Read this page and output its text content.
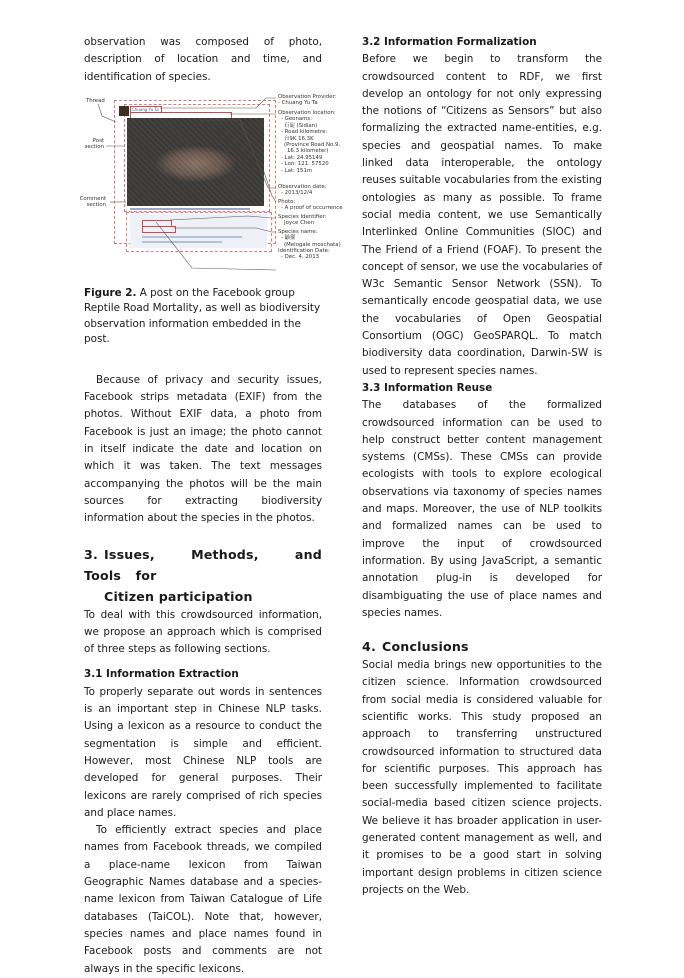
observation was composed of photo, description of location and time, and identification of species.

Chuang Yu Ta
Thread
Post section
Comment section
Observation Provider:
- Chuang Yu Ta
Observation location:
- Geonams:
石碇 (Sidian)
- Road kilometre:
台9K 16.3K
(Province Road No.9,
16.3 kilometer)
- Lat: 24.95149
- Lon: 121. 57520
- Lat: 151m
Observation date:
- 2013/12/4
Photo:
- A proof of occurrence
Species Identifier:
Joyce Chen
Species name:
- 鼬獾
(Melogale moschata)
Identification Date:
- Dec. 4, 2013
Figure 2. A post on the Facebook group Reptile Road Mortality, as well as biodiversity observation information embedded in the post.

Because of privacy and security issues, Facebook strips metadata (EXIF) from the photos. Without EXIF data, a photo from Facebook is just an image; the photo cannot in itself indicate the date and location on which it was taken. The text messages accompanying the photos will be the main sources for extracting biodiversity information about the species in the photos.

3. Issues, Methods, and Tools for
Citizen participation

To deal with this crowdsourced information, we propose an approach which is comprised of three steps as following sections.

3.1 Information Extraction

To properly separate out words in sentences is an important step in Chinese NLP tasks. Using a lexicon as a resource to conduct the segmentation is simple and efficient. However, most Chinese NLP tools are developed for general purposes. Their lexicons are rarely comprised of rich species and place names.

To efficiently extract species and place names from Facebook threads, we compiled a place-name lexicon from Taiwan Geographic Names database and a species-name lexicon from Taiwan Catalogue of Life databases (TaiCOL). Note that, however, species names and place names found in Facebook posts and comments are not always in the specific lexicons.

3.2 Information Formalization

Before we begin to transform the crowdsourced content to RDF, we first develop an ontology for not only expressing the notions of “Citizens as Sensors” but also formalizing the extracted name-entities, e.g. species and geospatial names. To make linked data interoperable, the ontology reuses suitable vocabularies from the existing ontologies as many as possible. To frame social media content, we use Semantically Interlinked Online Communities (SIOC) and The Friend of a Friend (FOAF). To present the concept of sensor, we use the vocabularies of W3c Semantic Sensor Network (SSN). To semantically encode geospatial data, we use the vocabularies of Open Geospatial Consortium (OGC) GeoSPARQL. To match biodiversity data coordination, Darwin-SW is used to represent species names.

3.3 Information Reuse

The databases of the formalized crowdsourced information can be used to help construct better content management systems (CMSs). These CMSs can provide ecologists with tools to explore ecological observations via taxonomy of species names and maps. Moreover, the use of NLP toolkits and formalized names can be used to improve the input of crowdsourced information. By using JavaScript, a semantic annotation plug-in is developed for disambiguating the use of place names and species names.

4. Conclusions

Social media brings new opportunities to the citizen science. Information crowdsourced from social media is considered valuable for scientific works. This study proposed an approach to transferring unstructured crowdsourced information to structured data for scientific purposes. This approach has been successfully implemented to facilitate social-media based citizen science projects. We believe it has broader application in user-generated content management as well, and it promises to be a good start in solving important design problems in citizen science projects on the Web.
